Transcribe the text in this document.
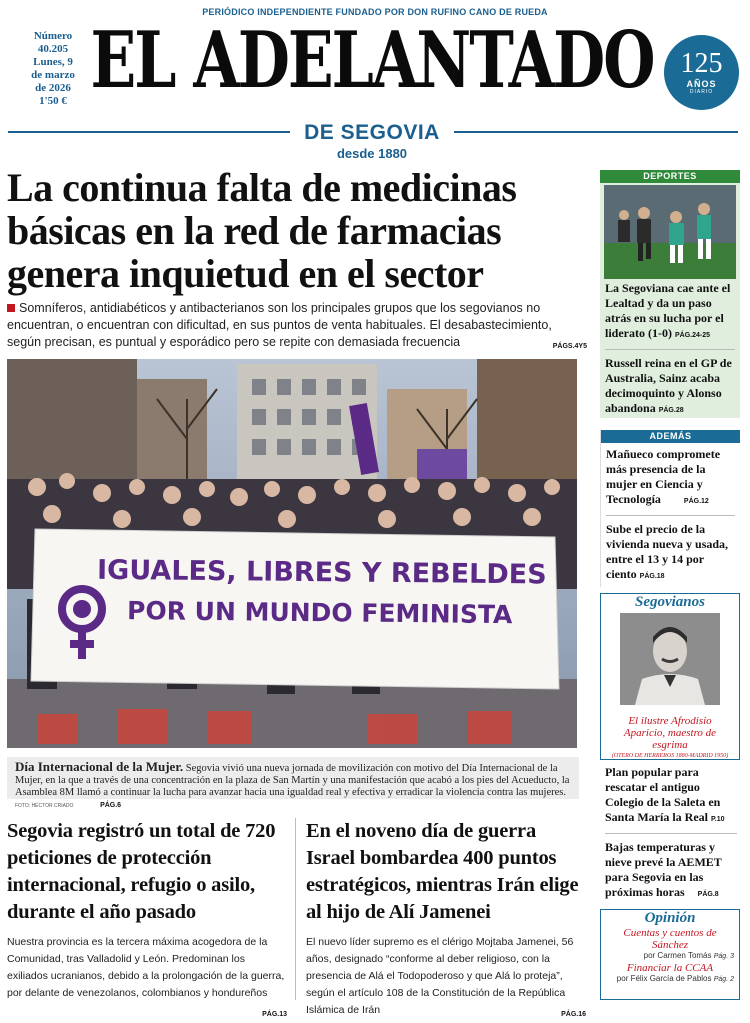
PERIÓDICO INDEPENDIENTE FUNDADO POR DON RUFINO CANO DE RUEDA
Número
40.205
Lunes, 9
de marzo
de 2026
1'50 € EL ADELANTADO 125
AÑOS
DIARIO
DE SEGOVIA
desde 1880
La continua falta de medicinas básicas en la red de farmacias genera inquietud en el sector
Somníferos, antidiabéticos y antibacterianos son los principales grupos que los segovianos no encuentran, o encuentran con dificultad, en sus puntos de venta habituales. El desabastecimiento, según precisan, es puntual y esporádico pero se repite con demasiada frecuencia	PÁGS.4Y5
IGUALES, LIBRES Y REBELDES
POR UN MUNDO FEMINISTA
Día Internacional de la Mujer. Segovia vivió una nueva jornada de movilización con motivo del Día Internacional de la Mujer, en la que a través de una concentración en la plaza de San Martín y una manifestación que acabó a los pies del Acueducto, la Asamblea 8M llamó a continuar la lucha para avanzar hacia una igualdad real y efectiva y erradicar la violencia contra las mujeres. FOTO: HÉCTOR CRIADO	PÁG.6
Segovia registró un total de 720 peticiones de protección internacional, refugio o asilo, durante el año pasado
Nuestra provincia es la tercera máxima acogedora de la Comunidad, tras Valladolid y León. Predominan los exiliados ucranianos, debido a la prolongación de la guerra, por delante de venezolanos, colombianos y hondureños
PÁG.13
En el noveno día de guerra Israel bombardea 400 puntos estratégicos, mientras Irán elige al hijo de Alí Jamenei
El nuevo líder supremo es el clérigo Mojtaba Jamenei, 56 años, designado “conforme al deber religioso, con la presencia de Alá el Todopoderoso y que Alá lo proteja”, según el artículo 108 de la Constitución de la República Islámica de Irán	PÁG.16
DEPORTES
La Segoviana cae ante el Lealtad y da un paso atrás en su lucha por el liderato (1-0) PÁG.24-25
Russell reina en el GP de Australia, Sainz acaba decimoquinto y Alonso abandona PÁG.28
ADEMÁS
Mañueco compromete más presencia de la mujer en Ciencia y Tecnología	PÁG.12
Sube el precio de la vivienda nueva y usada, entre el 13 y 14 por ciento PÁG.18
Segovianos
El ilustre Afrodisio Aparicio, maestro de esgrima
(OTERO DE HERREROS 1880-MADRID 1950)
Plan popular para rescatar el antiguo Colegio de la Saleta en Santa María la Real P.10
Bajas temperaturas y nieve prevé la AEMET para Segovia en las próximas horas PÁG.8
Opinión
Cuentas y cuentos de Sánchez
por Carmen Tomás Pág. 3
Financiar la CCAA
por Félix García de Pablos Pág. 2
